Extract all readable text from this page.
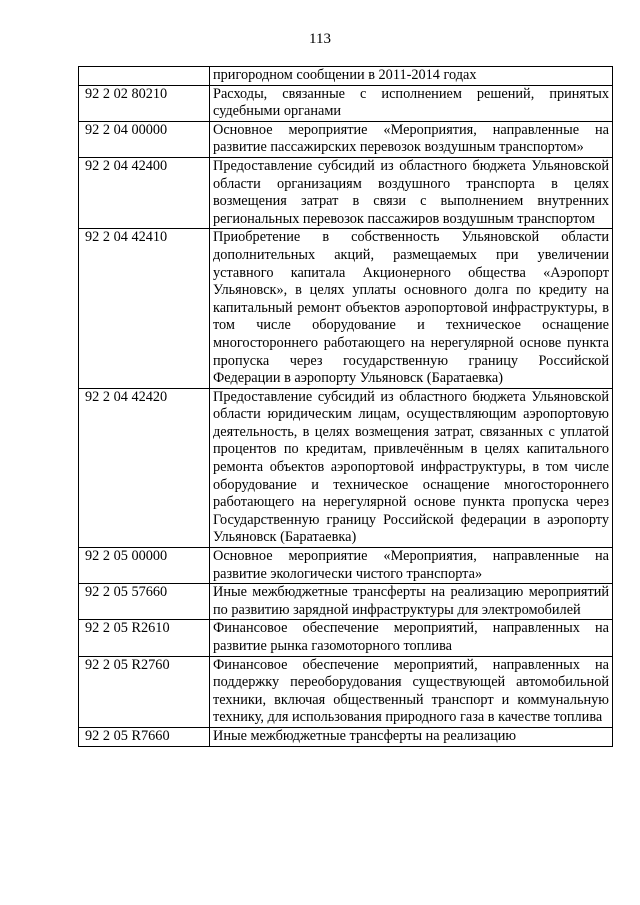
113
	пригородном сообщении в 2011-2014 годах
92 2 02 80210	Расходы, связанные с исполнением решений, принятых судебными органами
92 2 04 00000	Основное мероприятие «Мероприятия, направленные на развитие пассажирских перевозок воздушным транспортом»
92 2 04 42400	Предоставление субсидий из областного бюджета Ульяновской области организациям воздушного транспорта в целях возмещения затрат в связи с выполнением внутренних региональных перевозок пассажиров воздушным транспортом
92 2 04 42410	Приобретение в собственность Ульяновской области дополнительных акций, размещаемых при увеличении уставного капитала Акционерного общества «Аэропорт Ульяновск», в целях уплаты основного долга по кредиту на капитальный ремонт объектов аэропортовой инфраструктуры, в том числе оборудование и техническое оснащение многостороннего работающего на нерегулярной основе пункта пропуска через государственную границу Российской Федерации в аэропорту Ульяновск (Баратаевка)
92 2 04 42420	Предоставление субсидий из областного бюджета Ульяновской области юридическим лицам, осуществляющим аэропортовую деятельность, в целях возмещения затрат, связанных с уплатой процентов по кредитам, привлечённым в целях капитального ремонта объектов аэропортовой инфраструктуры, в том числе оборудование и техническое оснащение многостороннего работающего на нерегулярной основе пункта пропуска через Государственную границу Российской федерации в аэропорту Ульяновск (Баратаевка)
92 2 05 00000	Основное мероприятие «Мероприятия, направленные на развитие экологически чистого транспорта»
92 2 05 57660	Иные межбюджетные трансферты на реализацию мероприятий по развитию зарядной инфраструктуры для электромобилей
92 2 05 R2610	Финансовое обеспечение мероприятий, направленных на развитие рынка газомоторного топлива
92 2 05 R2760	Финансовое обеспечение мероприятий, направленных на поддержку переоборудования существующей автомобильной техники, включая общественный транспорт и коммунальную технику, для использования природного газа в качестве топлива
92 2 05 R7660	Иные межбюджетные трансферты на реализацию
